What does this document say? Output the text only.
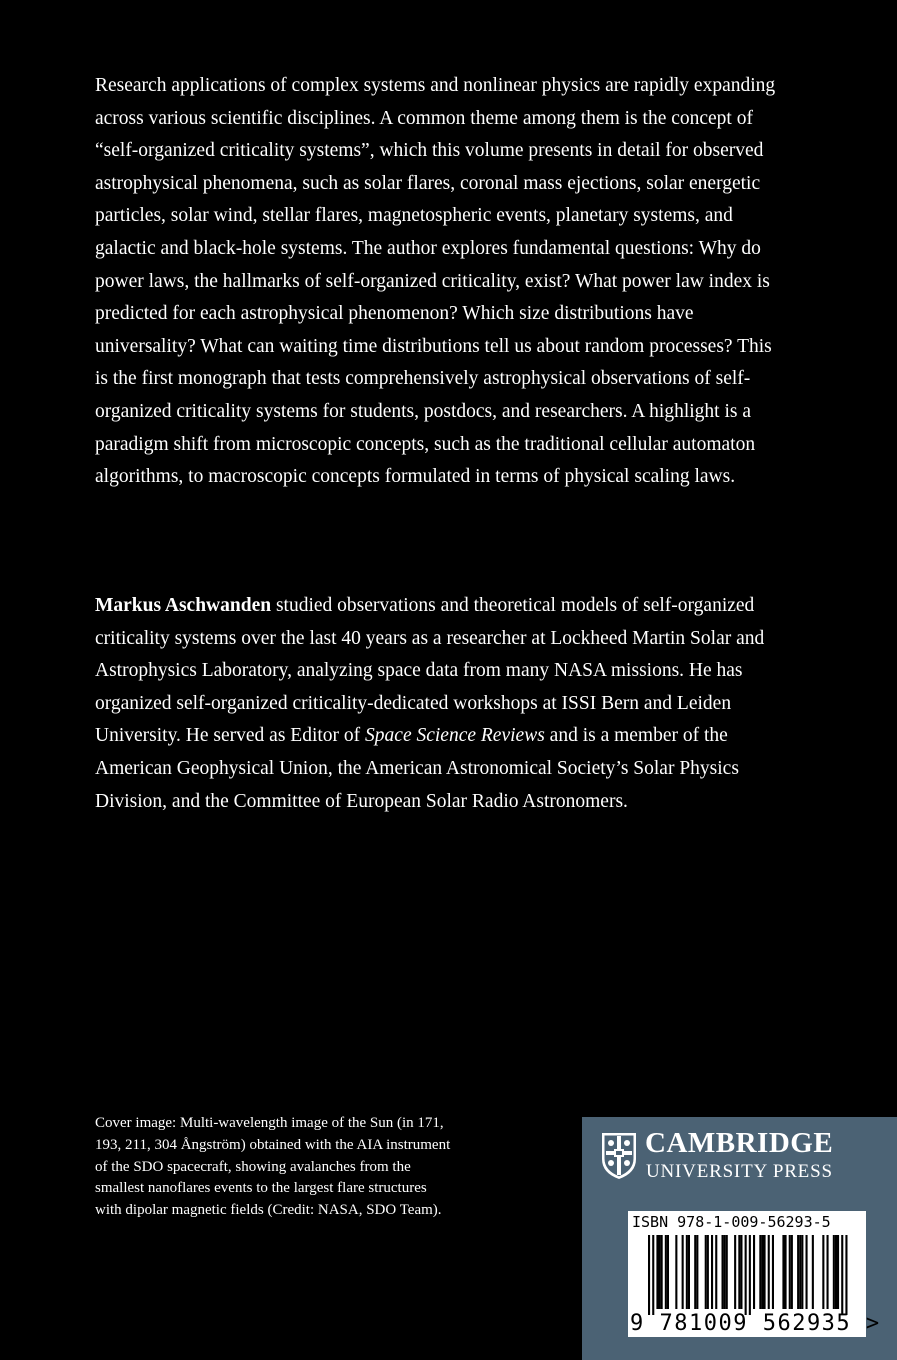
Research applications of complex systems and nonlinear physics are rapidly expanding across various scientific disciplines. A common theme among them is the concept of “self-organized criticality systems”, which this volume presents in detail for observed astrophysical phenomena, such as solar flares, coronal mass ejections, solar energetic particles, solar wind, stellar flares, magnetospheric events, planetary systems, and galactic and black-hole systems. The author explores fundamental questions: Why do power laws, the hallmarks of self-organized criticality, exist? What power law index is predicted for each astrophysical phenomenon? Which size distributions have universality? What can waiting time distributions tell us about random processes? This is the first monograph that tests comprehensively astrophysical observations of self-organized criticality systems for students, postdocs, and researchers. A highlight is a paradigm shift from microscopic concepts, such as the traditional cellular automaton algorithms, to macroscopic concepts formulated in terms of physical scaling laws.

Markus Aschwanden studied observations and theoretical models of self-organized criticality systems over the last 40 years as a researcher at Lockheed Martin Solar and Astrophysics Laboratory, analyzing space data from many NASA missions. He has organized self-organized criticality-dedicated workshops at ISSI Bern and Leiden University. He served as Editor of Space Science Reviews and is a member of the American Geophysical Union, the American Astronomical Society’s Solar Physics Division, and the Committee of European Solar Radio Astronomers.

Cover image: Multi-wavelength image of the Sun (in 171, 193, 211, 304 Ångström) obtained with the AIA instrument of the SDO spacecraft, showing avalanches from the smallest nanoflares events to the largest flare structures with dipolar magnetic fields (Credit: NASA, SDO Team).

CAMBRIDGE
UNIVERSITY PRESS
ISBN 978-1-009-56293-5
9 781009 562935 >
